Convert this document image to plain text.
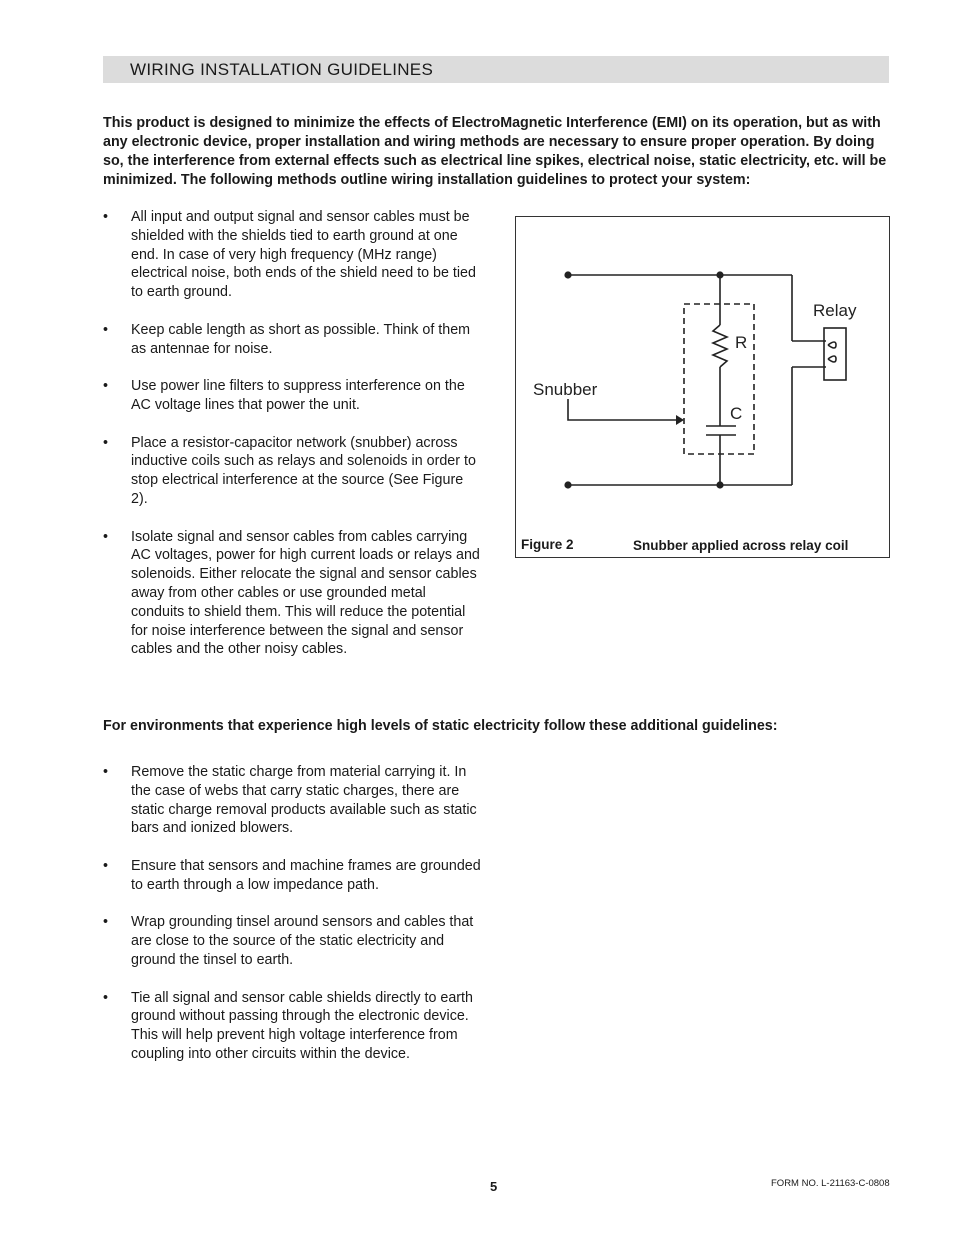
WIRING INSTALLATION GUIDELINES

This product is designed to minimize the effects of ElectroMagnetic Interference (EMI) on its operation, but as with any electronic device, proper installation and wiring methods are necessary to ensure proper operation. By doing so, the interference from external effects such as electrical line spikes, electrical noise, static electricity, etc. will be minimized. The following methods outline wiring installation guidelines to protect your system:

• All input and output signal and sensor cables must be shielded with the shields tied to earth ground at one end. In case of very high frequency (MHz range) electrical noise, both ends of the shield need to be tied to earth ground.
• Keep cable length as short as possible. Think of them as antennae for noise.
• Use power line filters to suppress interference on the AC voltage lines that power the unit.
• Place a resistor-capacitor network (snubber) across inductive coils such as relays and solenoids in order to stop electrical interference at the source (See Figure 2).
• Isolate signal and sensor cables from cables carrying AC voltages, power for high current loads or relays and solenoids. Either relocate the signal and sensor cables away from other cables or use grounded metal conduits to shield them. This will reduce the potential for noise interference between the signal and sensor cables and the other noisy cables.
Relay
Snubber
R
C
Figure 2	Snubber applied across relay coil
For environments that experience high levels of static electricity follow these additional guidelines:
• Remove the static charge from material carrying it. In the case of webs that carry static charges, there are static charge removal products available such as static bars and ionized blowers.
• Ensure that sensors and machine frames are grounded to earth through a low impedance path.
• Wrap grounding tinsel around sensors and cables that are close to the source of the static electricity and ground the tinsel to earth.
• Tie all signal and sensor cable shields directly to earth ground without passing through the electronic device. This will help prevent high voltage interference from coupling into other circuits within the device.
5	FORM NO. L-21163-C-0808
